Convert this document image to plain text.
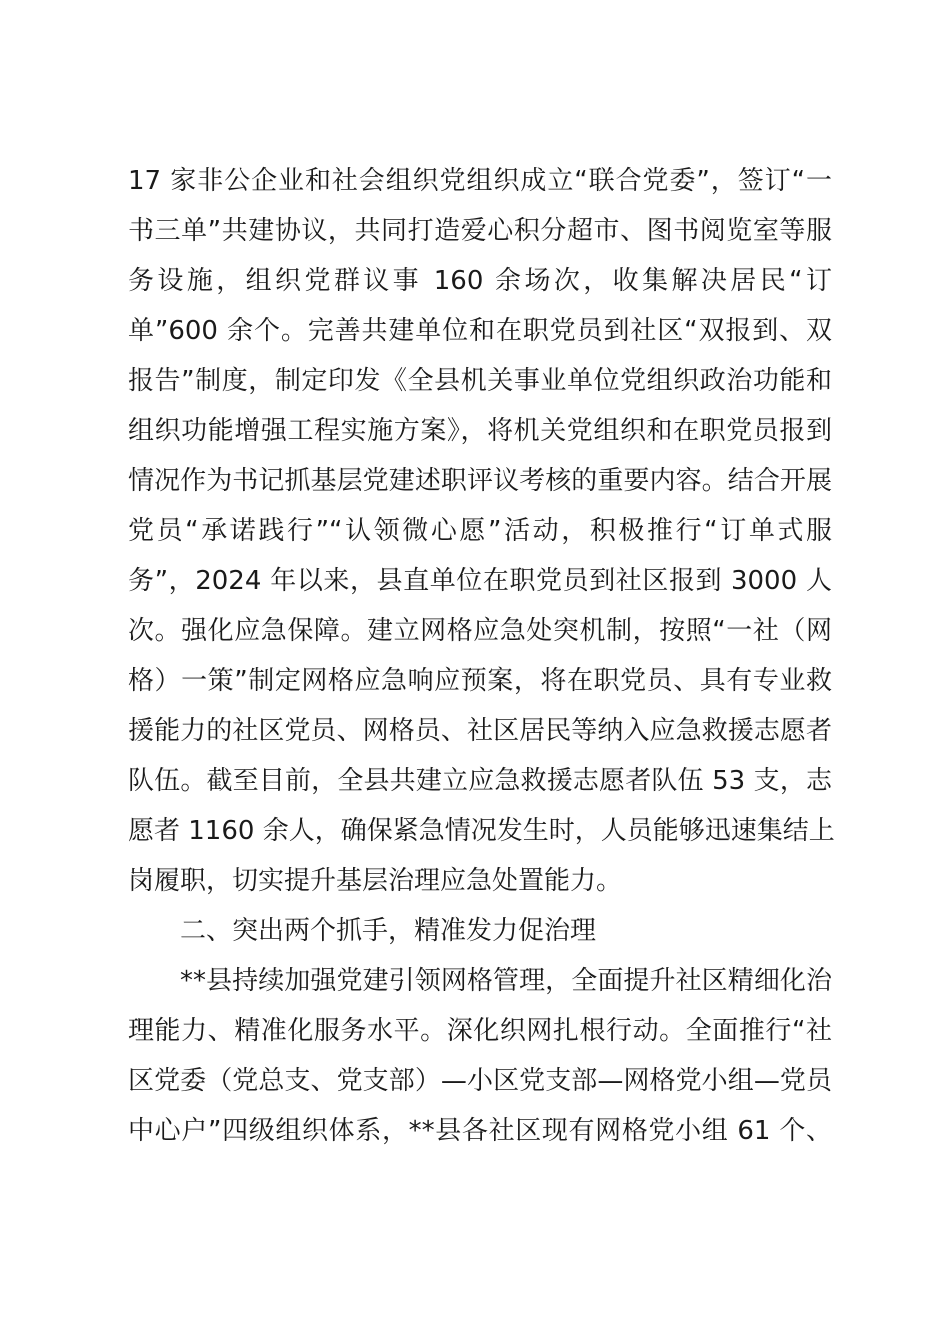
17 家非公企业和社会组织党组织成立“联合党委”，签订“一
书三单”共建协议，共同打造爱心积分超市、图书阅览室等服
务设施，组织党群议事 160 余场次，收集解决居民“订
单”600 余个。完善共建单位和在职党员到社区“双报到、双
报告”制度，制定印发《全县机关事业单位党组织政治功能和
组织功能增强工程实施方案》，将机关党组织和在职党员报到
情况作为书记抓基层党建述职评议考核的重要内容。结合开展
党员“承诺践行”“认领微心愿”活动，积极推行“订单式服
务”，2024 年以来，县直单位在职党员到社区报到 3000 人
次。强化应急保障。建立网格应急处突机制，按照“一社（网
格）一策”制定网格应急响应预案，将在职党员、具有专业救
援能力的社区党员、网格员、社区居民等纳入应急救援志愿者
队伍。截至目前，全县共建立应急救援志愿者队伍 53 支，志
愿者 1160 余人，确保紧急情况发生时，人员能够迅速集结上
岗履职，切实提升基层治理应急处置能力。
二、突出两个抓手，精准发力促治理
**县持续加强党建引领网格管理，全面提升社区精细化治
理能力、精准化服务水平。深化织网扎根行动。全面推行“社
区党委（党总支、党支部）—小区党支部—网格党小组—党员
中心户”四级组织体系，**县各社区现有网格党小组 61 个、
